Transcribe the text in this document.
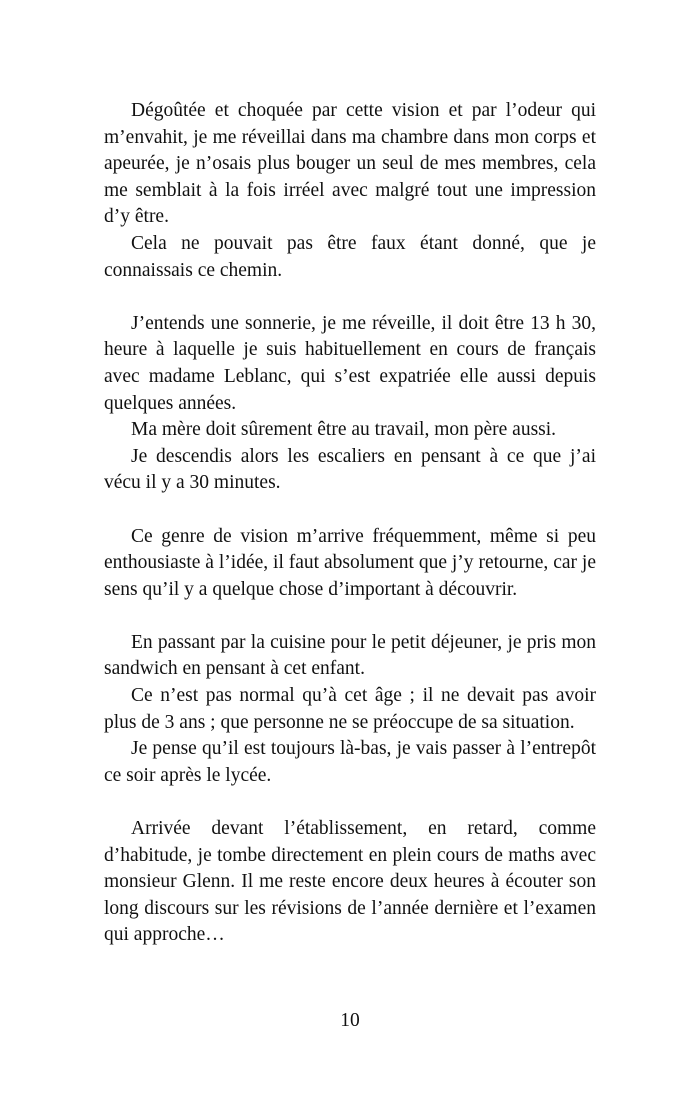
Dégoûtée et choquée par cette vision et par l’odeur qui m’envahit, je me réveillai dans ma chambre dans mon corps et apeurée, je n’osais plus bouger un seul de mes membres, cela me semblait à la fois irréel avec malgré tout une impression d’y être.

Cela ne pouvait pas être faux étant donné, que je connaissais ce chemin.

J’entends une sonnerie, je me réveille, il doit être 13 h 30, heure à laquelle je suis habituellement en cours de français avec madame Leblanc, qui s’est expatriée elle aussi depuis quelques années.

Ma mère doit sûrement être au travail, mon père aussi.

Je descendis alors les escaliers en pensant à ce que j’ai vécu il y a 30 minutes.

Ce genre de vision m’arrive fréquemment, même si peu enthousiaste à l’idée, il faut absolument que j’y retourne, car je sens qu’il y a quelque chose d’important à découvrir.

En passant par la cuisine pour le petit déjeuner, je pris mon sandwich en pensant à cet enfant.

Ce n’est pas normal qu’à cet âge ; il ne devait pas avoir plus de 3 ans ; que personne ne se préoccupe de sa situation.

Je pense qu’il est toujours là-bas, je vais passer à l’entrepôt ce soir après le lycée.

Arrivée devant l’établissement, en retard, comme d’habitude, je tombe directement en plein cours de maths avec monsieur Glenn. Il me reste encore deux heures à écouter son long discours sur les révisions de l’année dernière et l’examen qui approche…

10
